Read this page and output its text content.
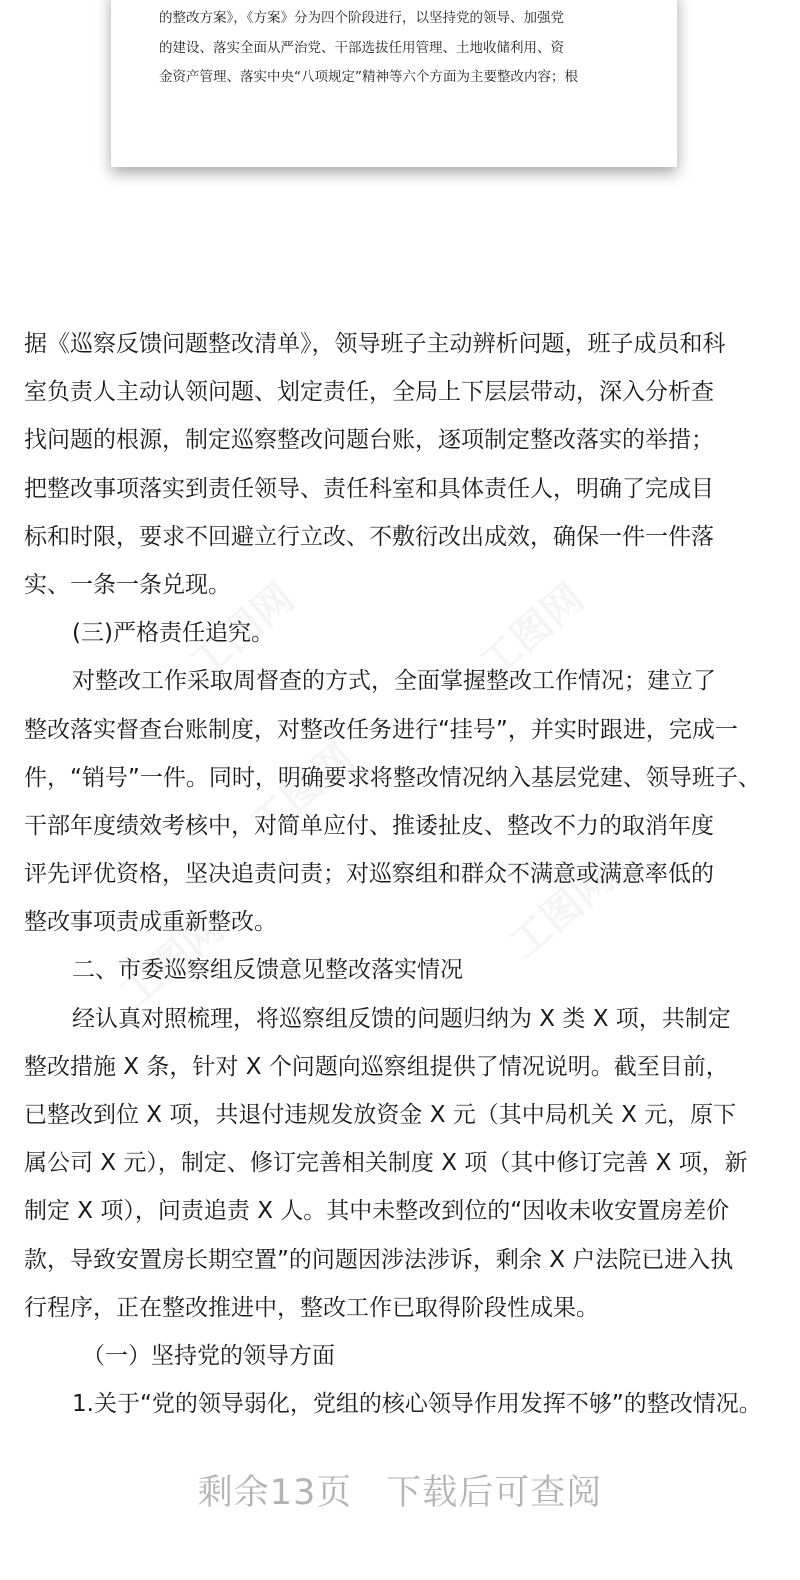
的整改方案》，《方案》分为四个阶段进行，以坚持党的领导、加强党
的建设、落实全面从严治党、干部选拔任用管理、土地收储利用、资
金资产管理、落实中央“八项规定”精神等六个方面为主要整改内容；根
据《巡察反馈问题整改清单》，领导班子主动辨析问题，班子成员和科
室负责人主动认领问题、划定责任，全局上下层层带动，深入分析查
找问题的根源，制定巡察整改问题台账，逐项制定整改落实的举措；
把整改事项落实到责任领导、责任科室和具体责任人，明确了完成目
标和时限，要求不回避立行立改、不敷衍改出成效，确保一件一件落
实、一条一条兑现。
(三)严格责任追究。
对整改工作采取周督查的方式，全面掌握整改工作情况；建立了
整改落实督查台账制度，对整改任务进行“挂号”，并实时跟进，完成一
件，“销号”一件。同时，明确要求将整改情况纳入基层党建、领导班子、
干部年度绩效考核中，对简单应付、推诿扯皮、整改不力的取消年度
评先评优资格，坚决追责问责；对巡察组和群众不满意或满意率低的
整改事项责成重新整改。
二、市委巡察组反馈意见整改落实情况
经认真对照梳理，将巡察组反馈的问题归纳为 X 类 X 项，共制定
整改措施 X 条，针对 X 个问题向巡察组提供了情况说明。截至目前，
已整改到位 X 项，共退付违规发放资金 X 元（其中局机关 X 元，原下
属公司 X 元），制定、修订完善相关制度 X 项（其中修订完善 X 项，新
制定 X 项），问责追责 X 人。其中未整改到位的“因收未收安置房差价
款，导致安置房长期空置”的问题因涉法涉诉，剩余 X 户法院已进入执
行程序，正在整改推进中，整改工作已取得阶段性成果。
（一）坚持党的领导方面
1.关于“党的领导弱化，党组的核心领导作用发挥不够”的整改情况。
剩余13页 下载后可查阅
